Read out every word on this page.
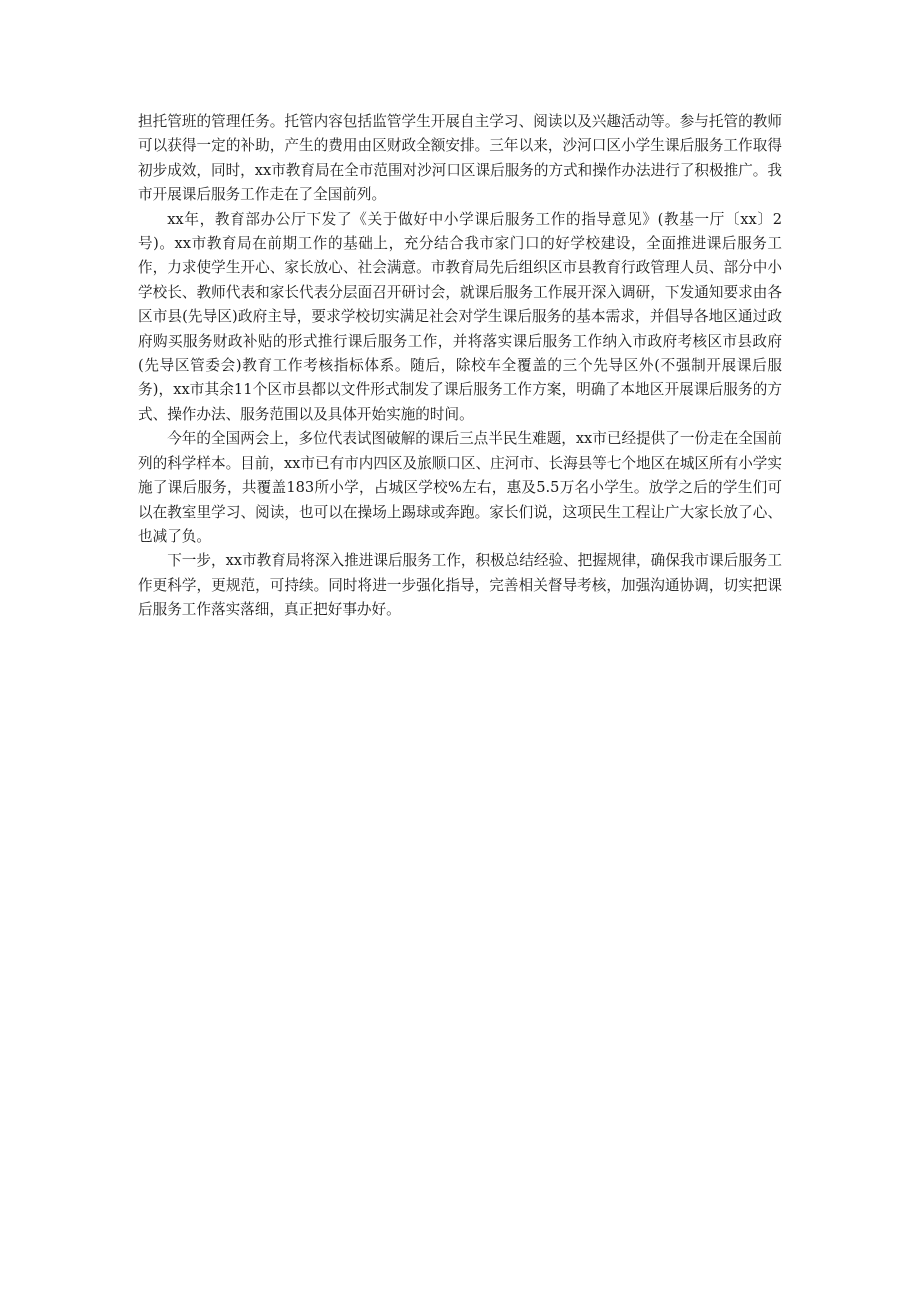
担托管班的管理任务。托管内容包括监管学生开展自主学习、阅读以及兴趣活动等。参与托管的教师可以获得一定的补助，产生的费用由区财政全额安排。三年以来，沙河口区小学生课后服务工作取得初步成效，同时，xx市教育局在全市范围对沙河口区课后服务的方式和操作办法进行了积极推广。我市开展课后服务工作走在了全国前列。

xx年，教育部办公厅下发了《关于做好中小学课后服务工作的指导意见》(教基一厅〔xx〕2号)。xx市教育局在前期工作的基础上，充分结合我市家门口的好学校建设，全面推进课后服务工作，力求使学生开心、家长放心、社会满意。市教育局先后组织区市县教育行政管理人员、部分中小学校长、教师代表和家长代表分层面召开研讨会，就课后服务工作展开深入调研，下发通知要求由各区市县(先导区)政府主导，要求学校切实满足社会对学生课后服务的基本需求，并倡导各地区通过政府购买服务财政补贴的形式推行课后服务工作，并将落实课后服务工作纳入市政府考核区市县政府(先导区管委会)教育工作考核指标体系。随后，除校车全覆盖的三个先导区外(不强制开展课后服务)，xx市其余11个区市县都以文件形式制发了课后服务工作方案，明确了本地区开展课后服务的方式、操作办法、服务范围以及具体开始实施的时间。

今年的全国两会上，多位代表试图破解的课后三点半民生难题，xx市已经提供了一份走在全国前列的科学样本。目前，xx市已有市内四区及旅顺口区、庄河市、长海县等七个地区在城区所有小学实施了课后服务，共覆盖183所小学，占城区学校%左右，惠及5.5万名小学生。放学之后的学生们可以在教室里学习、阅读，也可以在操场上踢球或奔跑。家长们说，这项民生工程让广大家长放了心、也减了负。

下一步，xx市教育局将深入推进课后服务工作，积极总结经验、把握规律，确保我市课后服务工作更科学，更规范，可持续。同时将进一步强化指导，完善相关督导考核，加强沟通协调，切实把课后服务工作落实落细，真正把好事办好。
